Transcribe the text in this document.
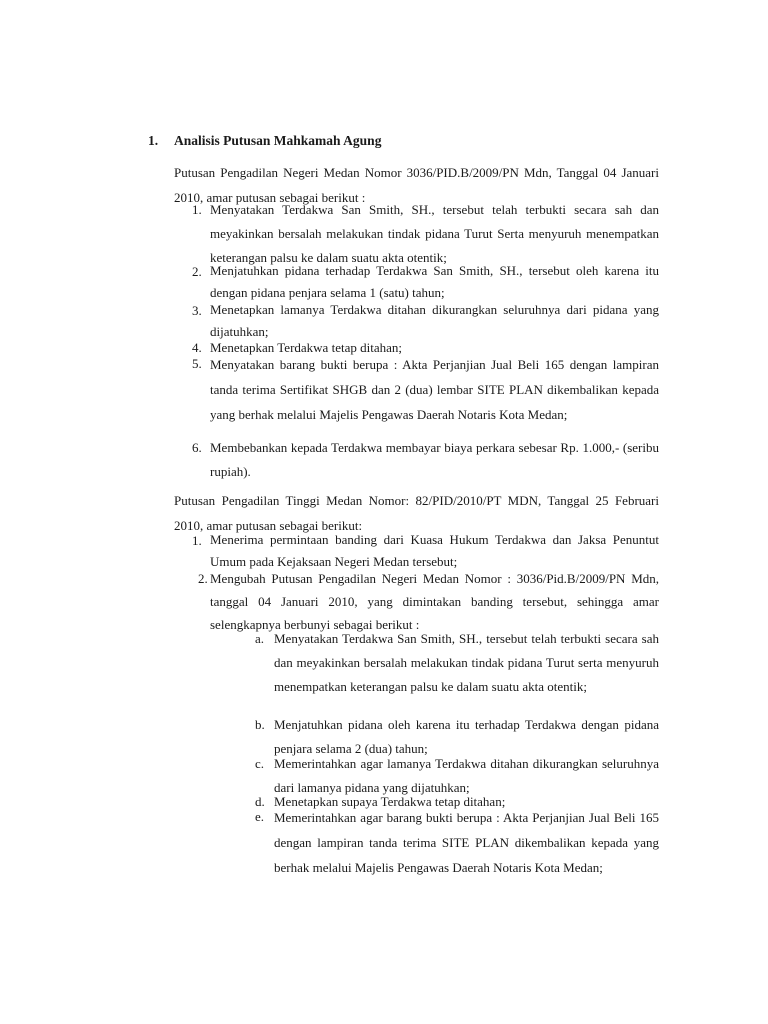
1. Analisis Putusan Mahkamah Agung
Putusan Pengadilan Negeri Medan Nomor 3036/PID.B/2009/PN Mdn, Tanggal 04 Januari 2010, amar putusan sebagai berikut :
1. Menyatakan Terdakwa San Smith, SH., tersebut telah terbukti secara sah dan meyakinkan bersalah melakukan tindak pidana Turut Serta menyuruh menempatkan keterangan palsu ke dalam suatu akta otentik;
2. Menjatuhkan pidana terhadap Terdakwa San Smith, SH., tersebut oleh karena itu dengan pidana penjara selama 1 (satu) tahun;
3. Menetapkan lamanya Terdakwa ditahan dikurangkan seluruhnya dari pidana yang dijatuhkan;
4. Menetapkan Terdakwa tetap ditahan;
5. Menyatakan barang bukti berupa : Akta Perjanjian Jual Beli 165 dengan lampiran tanda terima Sertifikat SHGB dan 2 (dua) lembar SITE PLAN dikembalikan kepada yang berhak melalui Majelis Pengawas Daerah Notaris Kota Medan;
6. Membebankan kepada Terdakwa membayar biaya perkara sebesar Rp. 1.000,- (seribu rupiah).
Putusan Pengadilan Tinggi Medan Nomor: 82/PID/2010/PT MDN, Tanggal 25 Februari 2010, amar putusan sebagai berikut:
1. Menerima permintaan banding dari Kuasa Hukum Terdakwa dan Jaksa Penuntut Umum pada Kejaksaan Negeri Medan tersebut;
2. Mengubah Putusan Pengadilan Negeri Medan Nomor : 3036/Pid.B/2009/PN Mdn, tanggal 04 Januari 2010, yang dimintakan banding tersebut, sehingga amar selengkapnya berbunyi sebagai berikut :
a. Menyatakan Terdakwa San Smith, SH., tersebut telah terbukti secara sah dan meyakinkan bersalah melakukan tindak pidana Turut serta menyuruh menempatkan keterangan palsu ke dalam suatu akta otentik;
b. Menjatuhkan pidana oleh karena itu terhadap Terdakwa dengan pidana penjara selama 2 (dua) tahun;
c. Memerintahkan agar lamanya Terdakwa ditahan dikurangkan seluruhnya dari lamanya pidana yang dijatuhkan;
d. Menetapkan supaya Terdakwa tetap ditahan;
e. Memerintahkan agar barang bukti berupa : Akta Perjanjian Jual Beli 165 dengan lampiran tanda terima SITE PLAN dikembalikan kepada yang berhak melalui Majelis Pengawas Daerah Notaris Kota Medan;
